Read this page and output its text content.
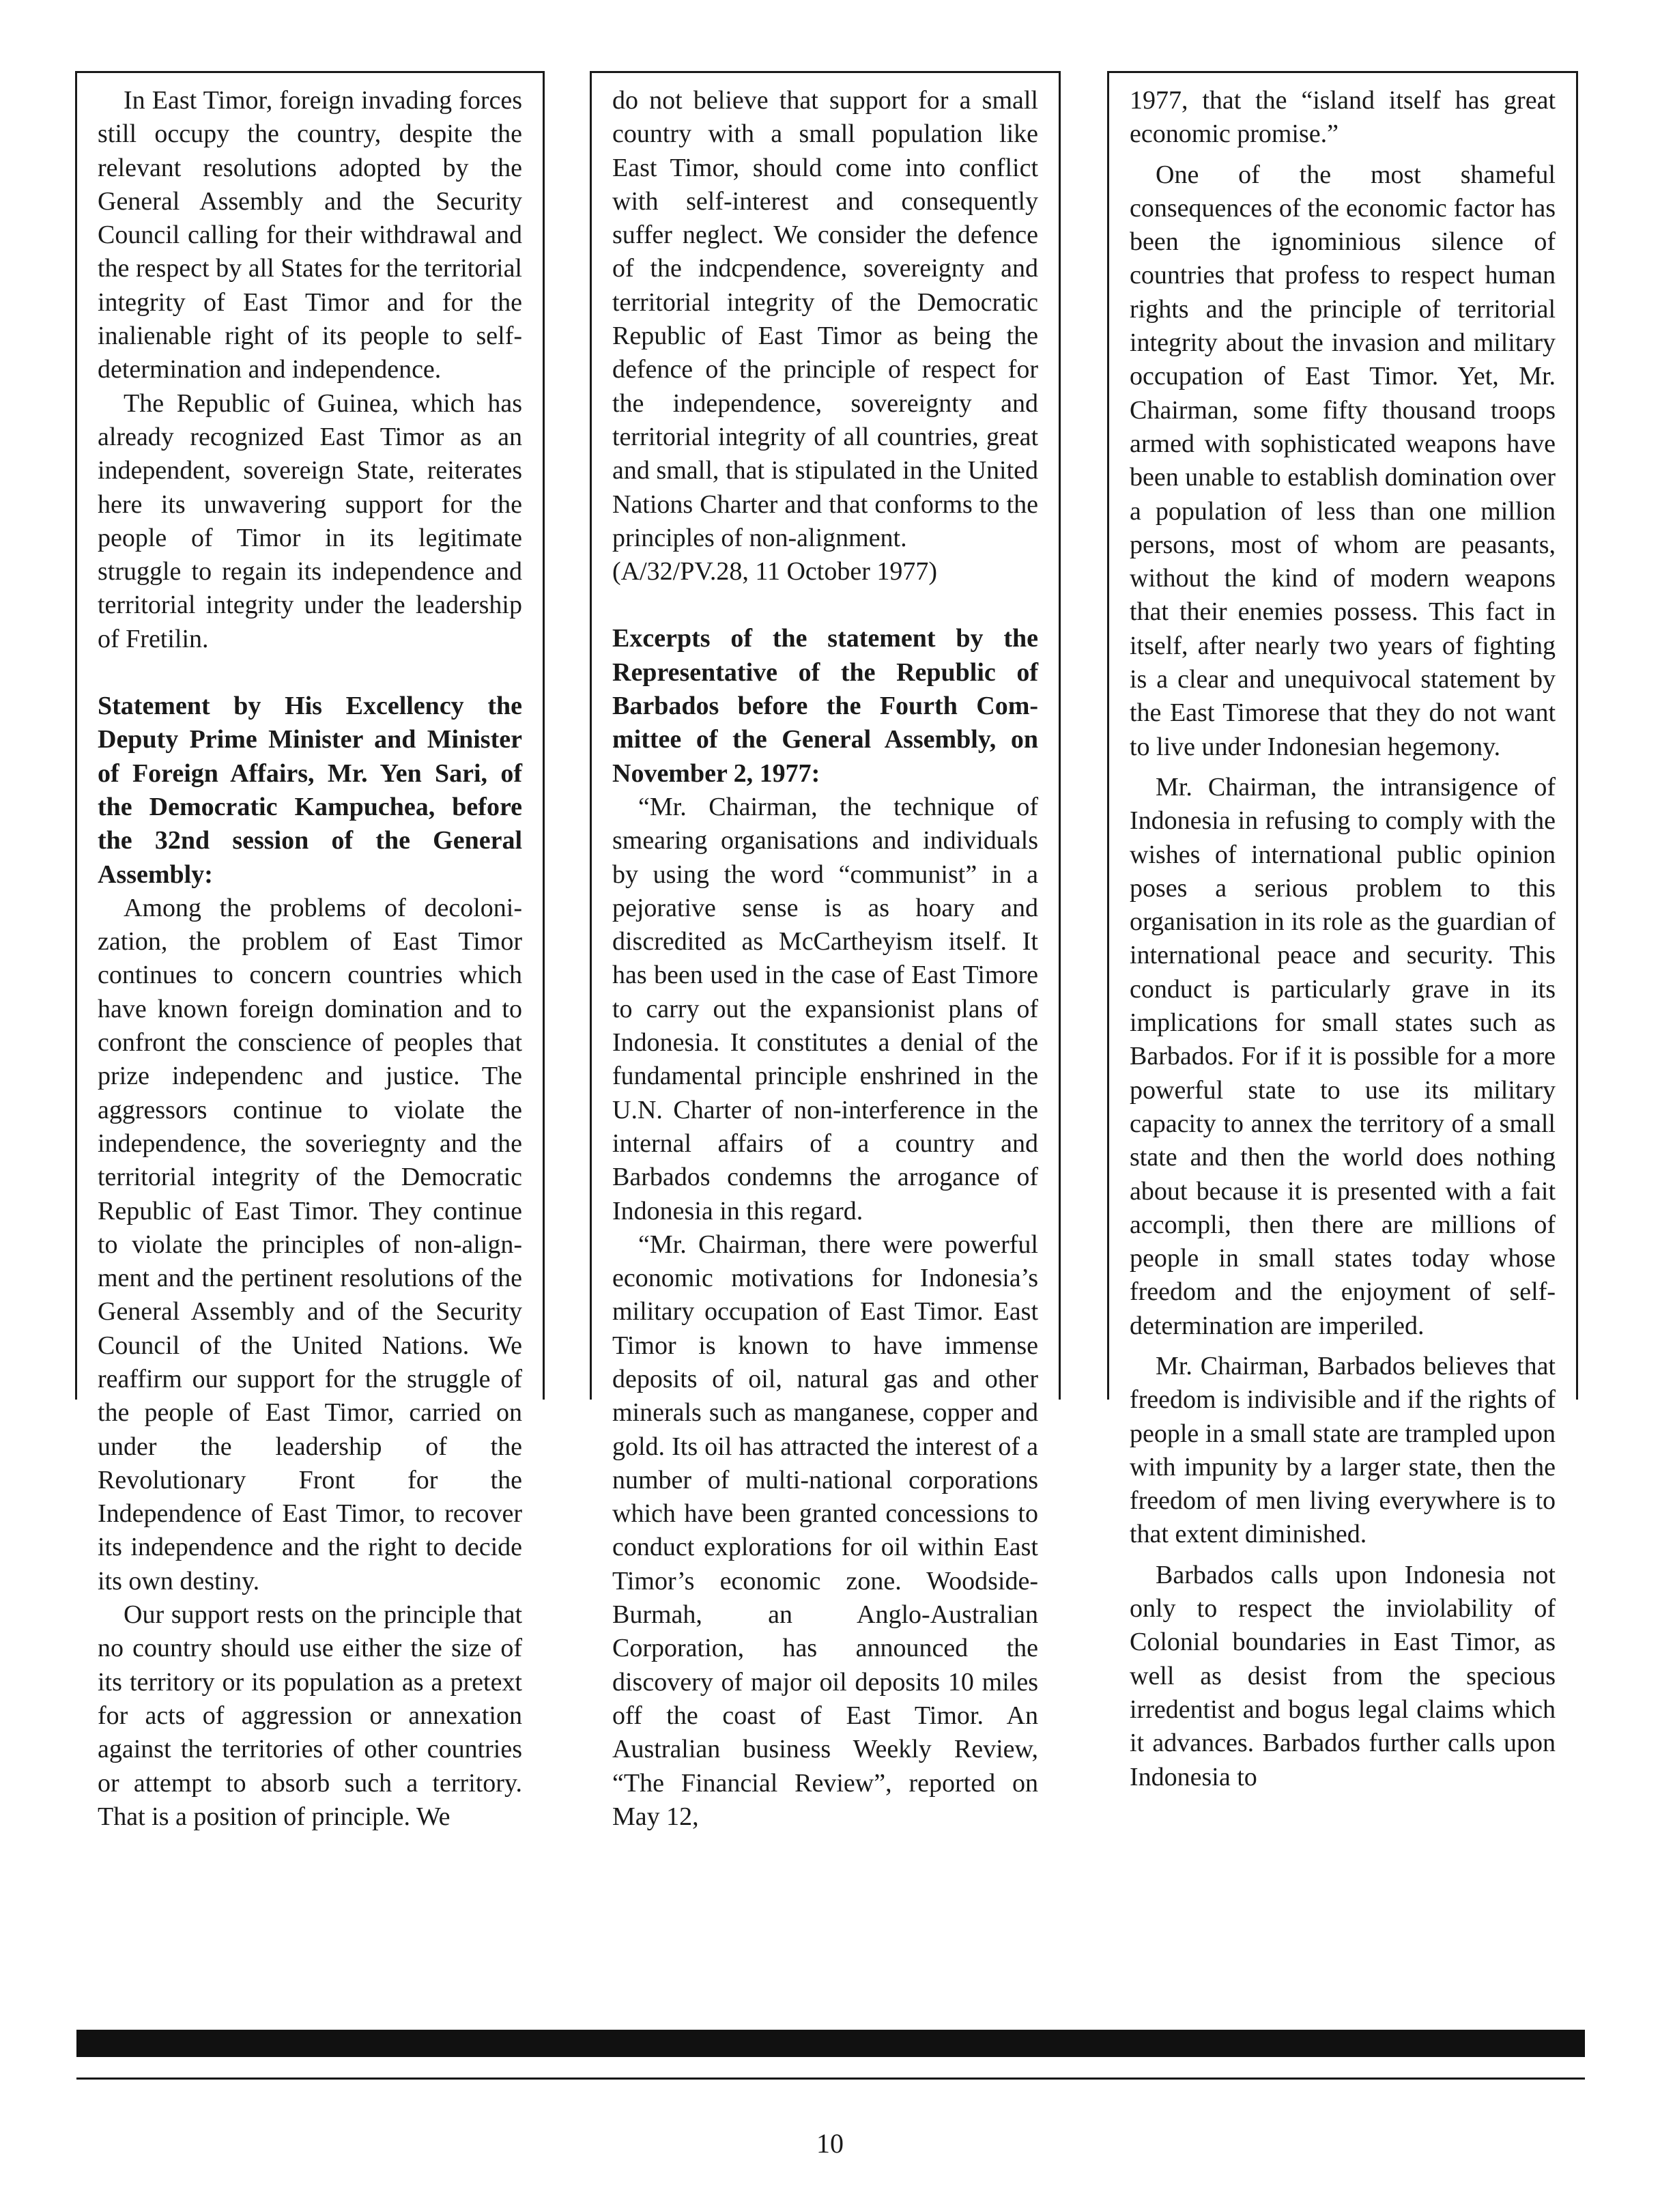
In East Timor, foreign invading forces still occupy the country, despite the relevant resolutions adopted by the General Assembly and the Security Council calling for their withdrawal and the respect by all States for the territorial integrity of East Timor and for the inalienable right of its people to self-determination and independence.

The Republic of Guinea, which has already recognized East Timor as an independent, sovereign State, reiterates here its unwavering support for the people of Timor in its legitimate struggle to regain its independence and territorial integrity under the leadership of Fretilin.

Statement by His Excellency the Deputy Prime Minister and Minister of Foreign Affairs, Mr. Yen Sari, of the Democratic Kampuchea, before the 32nd session of the General Assembly:

Among the problems of decolonization, the problem of East Timor continues to concern countries which have known foreign domination and to confront the conscience of peoples that prize independenc and justice. The aggressors continue to violate the independence, the soveriegnty and the territorial integrity of the Democratic Republic of East Timor. They continue to violate the principles of non-alignment and the pertinent resolutions of the General Assembly and of the Security Council of the United Nations. We reaffirm our support for the struggle of the people of East Timor, carried on under the leadership of the Revolutionary Front for the Independence of East Timor, to recover its independence and the right to decide its own destiny.

Our support rests on the principle that no country should use either the size of its territory or its population as a pretext for acts of aggression or annexation against the territories of other countries or attempt to absorb such a territory. That is a position of principle. We

do not believe that support for a small country with a small population like East Timor, should come into conflict with self-interest and consequently suffer neglect. We consider the defence of the indcpendence, sovereignty and territorial integrity of the Democratic Republic of East Timor as being the defence of the principle of respect for the independence, sovereignty and territorial integrity of all countries, great and small, that is stipulated in the United Nations Charter and that conforms to the principles of non-alignment.

(A/32/PV.28, 11 October 1977)

Excerpts of the statement by the Representative of the Republic of Barbados before the Fourth Committee of the General Assembly, on November 2, 1977:

“Mr. Chairman, the technique of smearing organisations and individuals by using the word “communist” in a pejorative sense is as hoary and discredited as McCartheyism itself. It has been used in the case of East Timore to carry out the expansionist plans of Indonesia. It constitutes a denial of the fundamental principle enshrined in the U.N. Charter of non-interference in the internal affairs of a country and Barbados condemns the arrogance of Indonesia in this regard.

“Mr. Chairman, there were powerful economic motivations for Indonesia’s military occupation of East Timor. East Timor is known to have immense deposits of oil, natural gas and other minerals such as manganese, copper and gold. Its oil has attracted the interest of a number of multi-national corporations which have been granted concessions to conduct explorations for oil within East Timor’s economic zone. Woodside-Burmah, an Anglo-Australian Corporation, has announced the discovery of major oil deposits 10 miles off the coast of East Timor. An Australian business Weekly Review, “The Financial Review”, reported on May 12,

1977, that the “island itself has great economic promise.”

One of the most shameful consequences of the economic factor has been the ignominious silence of countries that profess to respect human rights and the principle of territorial integrity about the invasion and military occupation of East Timor. Yet, Mr. Chairman, some fifty thousand troops armed with sophisticated weapons have been unable to establish domination over a population of less than one million persons, most of whom are peasants, without the kind of modern weapons that their enemies possess. This fact in itself, after nearly two years of fighting is a clear and unequivocal statement by the East Timorese that they do not want to live under Indonesian hegemony.

Mr. Chairman, the intransigence of Indonesia in refusing to comply with the wishes of international public opinion poses a serious problem to this organisation in its role as the guardian of international peace and security. This conduct is particularly grave in its implications for small states such as Barbados. For if it is possible for a more powerful state to use its military capacity to annex the territory of a small state and then the world does nothing about because it is presented with a fait accompli, then there are millions of people in small states today whose freedom and the enjoyment of self-determination are imperiled.

Mr. Chairman, Barbados believes that freedom is indivisible and if the rights of people in a small state are trampled upon with impunity by a larger state, then the freedom of men living everywhere is to that extent diminished.

Barbados calls upon Indonesia not only to respect the inviolability of Colonial boundaries in East Timor, as well as desist from the specious irredentist and bogus legal claims which it advances. Barbados further calls upon Indonesia to

10
